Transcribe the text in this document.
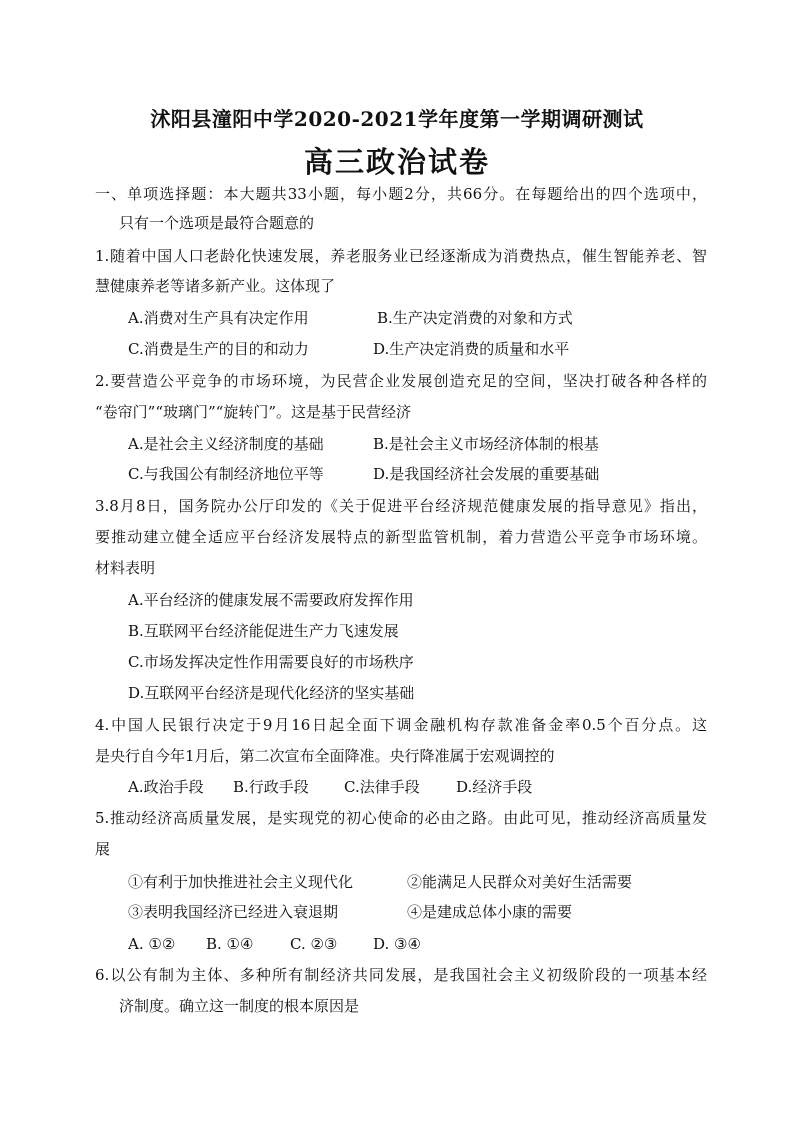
沭阳县潼阳中学2020-2021学年度第一学期调研测试
高三政治试卷
一、单项选择题：本大题共33小题，每小题2分，共66分。在每题给出的四个选项中，
只有一个选项是最符合题意的
1.随着中国人口老龄化快速发展，养老服务业已经逐渐成为消费热点，催生智能养老、智
慧健康养老等诸多新产业。这体现了
A.消费对生产具有决定作用	B.生产决定消费的对象和方式
C.消费是生产的目的和动力	D.生产决定消费的质量和水平
2.要营造公平竞争的市场环境，为民营企业发展创造充足的空间，坚决打破各种各样的
“卷帘门”“玻璃门”“旋转门”。这是基于民营经济
A.是社会主义经济制度的基础	B.是社会主义市场经济体制的根基
C.与我国公有制经济地位平等	D.是我国经济社会发展的重要基础
3.8月8日，国务院办公厅印发的《关于促进平台经济规范健康发展的指导意见》指出，
要推动建立健全适应平台经济发展特点的新型监管机制，着力营造公平竞争市场环境。
材料表明
A.平台经济的健康发展不需要政府发挥作用
B.互联网平台经济能促进生产力飞速发展
C.市场发挥决定性作用需要良好的市场秩序
D.互联网平台经济是现代化经济的坚实基础
4.中国人民银行决定于9月16日起全面下调金融机构存款准备金率0.5个百分点。这
是央行自今年1月后，第二次宣布全面降准。央行降准属于宏观调控的
A.政治手段	B.行政手段	C.法律手段	D.经济手段
5.推动经济高质量发展，是实现党的初心使命的必由之路。由此可见，推动经济高质量发
展
①有利于加快推进社会主义现代化	②能满足人民群众对美好生活需要
③表明我国经济已经进入衰退期	④是建成总体小康的需要
A. ①②	B. ①④	C. ②③	D. ③④
6.以公有制为主体、多种所有制经济共同发展，是我国社会主义初级阶段的一项基本经
济制度。确立这一制度的根本原因是
